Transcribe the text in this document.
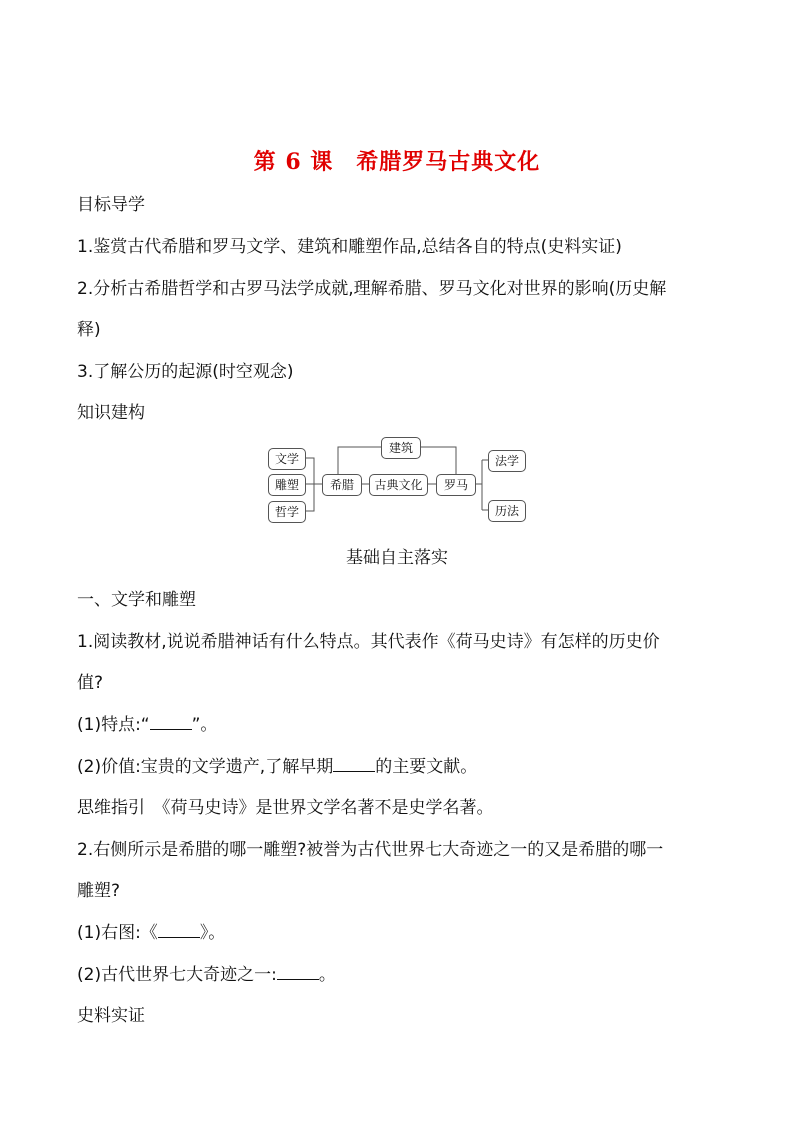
第 6 课　希腊罗马古典文化
目标导学
1.鉴赏古代希腊和罗马文学、建筑和雕塑作品,总结各自的特点(史料实证)
2.分析古希腊哲学和古罗马法学成就,理解希腊、罗马文化对世界的影响(历史解
释)
3.了解公历的起源(时空观念)
知识建构
文学
雕塑
哲学
希腊	古典文化
建筑
罗马
法学
历法
基础自主落实
一、文学和雕塑
1.阅读教材,说说希腊神话有什么特点。其代表作《荷马史诗》有怎样的历史价
值?
(1)特点:“ ”。
(2)价值:宝贵的文学遗产,了解早期 的主要文献。
思维指引　《荷马史诗》是世界文学名著不是史学名著。
2.右侧所示是希腊的哪一雕塑?被誉为古代世界七大奇迹之一的又是希腊的哪一
雕塑?
(1)右图:《 》。
(2)古代世界七大奇迹之一: 。
史料实证
